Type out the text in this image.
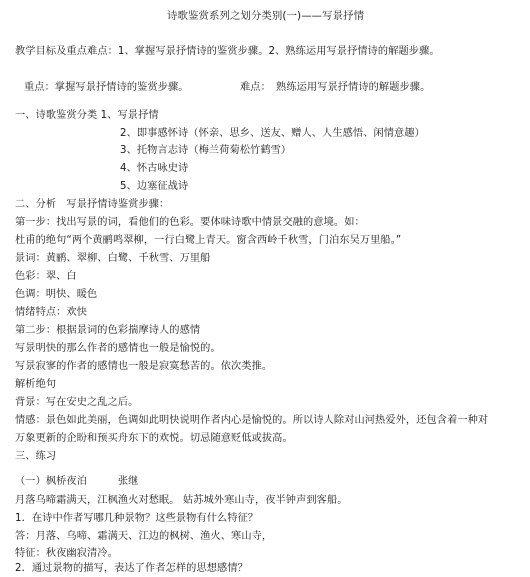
诗歌鉴赏系列之划分类别(一)——写景抒情
教学目标及重点难点：1、掌握写景抒情诗的鉴赏步骤。2、熟练运用写景抒情诗的解题步骤。
重点：掌握写景抒情诗的鉴赏步骤。	难点：　熟练运用写景抒情诗的解题步骤。
一、诗歌鉴赏分类 1、写景抒情
2、即事感怀诗（怀亲、思乡、送友、赠人、人生感悟、闲情意趣）
3、托物言志诗（梅兰荷菊松竹鹤雪）
4、怀古咏史诗
5、边塞征战诗
二、分析　写景抒情诗鉴赏步骤：
第一步：找出写景的词，看他们的色彩。要体味诗歌中情景交融的意境。如：
杜甫的绝句“两个黄鹂鸣翠柳，一行白鹭上青天。窗含西岭千秋雪，门泊东吴万里船。”
景词：黄鹂、翠柳、白鹭、千秋雪、万里船
色彩：翠、白
色调：明快、暖色
情绪特点：欢快
第二步：根据景词的色彩揣摩诗人的感情
写景明快的那么作者的感情也一般是愉悦的。
写景寂寥的作者的感情也一般是寂寞愁苦的。依次类推。
解析绝句
背景：写在安史之乱之后。
情感：景色如此美丽，色调如此明快说明作者内心是愉悦的。所以诗人除对山河热爱外，还包含着一种对
万象更新的企盼和预买舟东下的欢悦。切忌随意贬低或拔高。
三、练习
（一）枫桥夜泊　　　张继
月落乌啼霜满天，江枫渔火对愁眠。 姑苏城外寒山寺，夜半钟声到客船。
1．在诗中作者写哪几种景物？这些景物有什么特征？
答：月落、乌啼、霜满天、江边的枫树、渔火、寒山寺，
特征：秋夜幽寂清冷。
2．通过景物的描写，表达了作者怎样的思想感情？
